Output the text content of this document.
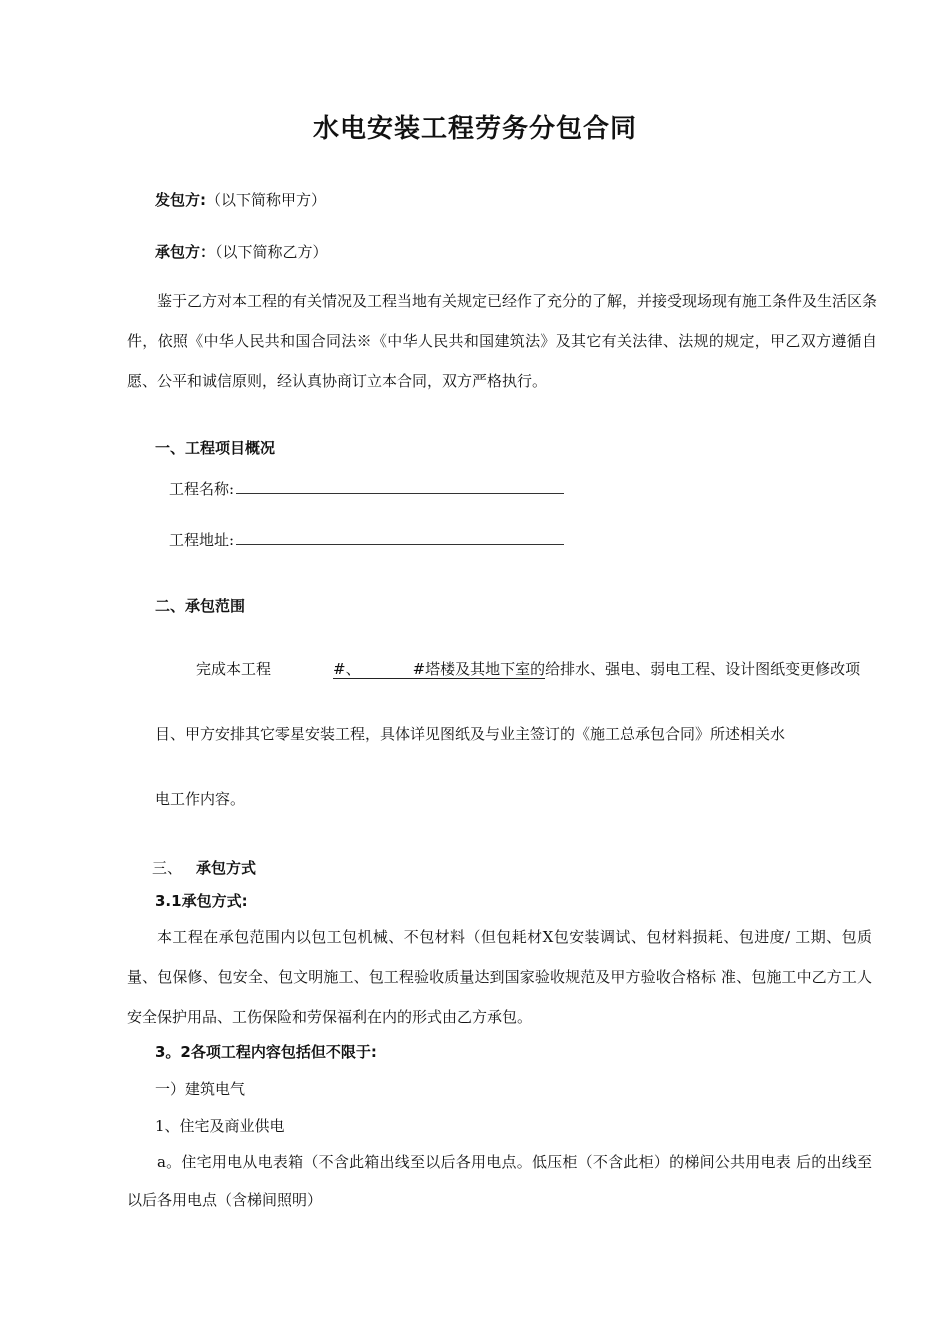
水电安装工程劳务分包合同
发包方:（以下简称甲方）
承包方：（以下简称乙方）
鉴于乙方对本工程的有关情况及工程当地有关规定已经作了充分的了解，并接受现场现有施工条件及生活区条件，依照《中华人民共和国合同法※《中华人民共和国建筑法》及其它有关法律、法规的规定，甲乙双方遵循自愿、公平和诚信原则，经认真协商订立本合同，双方严格执行。
一、工程项目概况
工程名称:
工程地址:
二、承包范围
完成本工程	#、	#塔楼及其地下室的给排水、强电、弱电工程、设计图纸变更修改项
目、甲方安排其它零星安装工程，具体详见图纸及与业主签订的《施工总承包合同》所述相关水
电工作内容。
三、 承包方式
3.1承包方式:
本工程在承包范围内以包工包机械、不包材料（但包耗材X包安装调试、包材料损耗、包进度/ 工期、包质量、包保修、包安全、包文明施工、包工程验收质量达到国家验收规范及甲方验收合格标 准、包施工中乙方工人安全保护用品、工伤保险和劳保福利在内的形式由乙方承包。
3。2各项工程内容包括但不限于:
一）建筑电气
1、住宅及商业供电
a。住宅用电从电表箱（不含此箱出线至以后各用电点。低压柜（不含此柜）的梯间公共用电表 后的出线至以后各用电点（含梯间照明）
